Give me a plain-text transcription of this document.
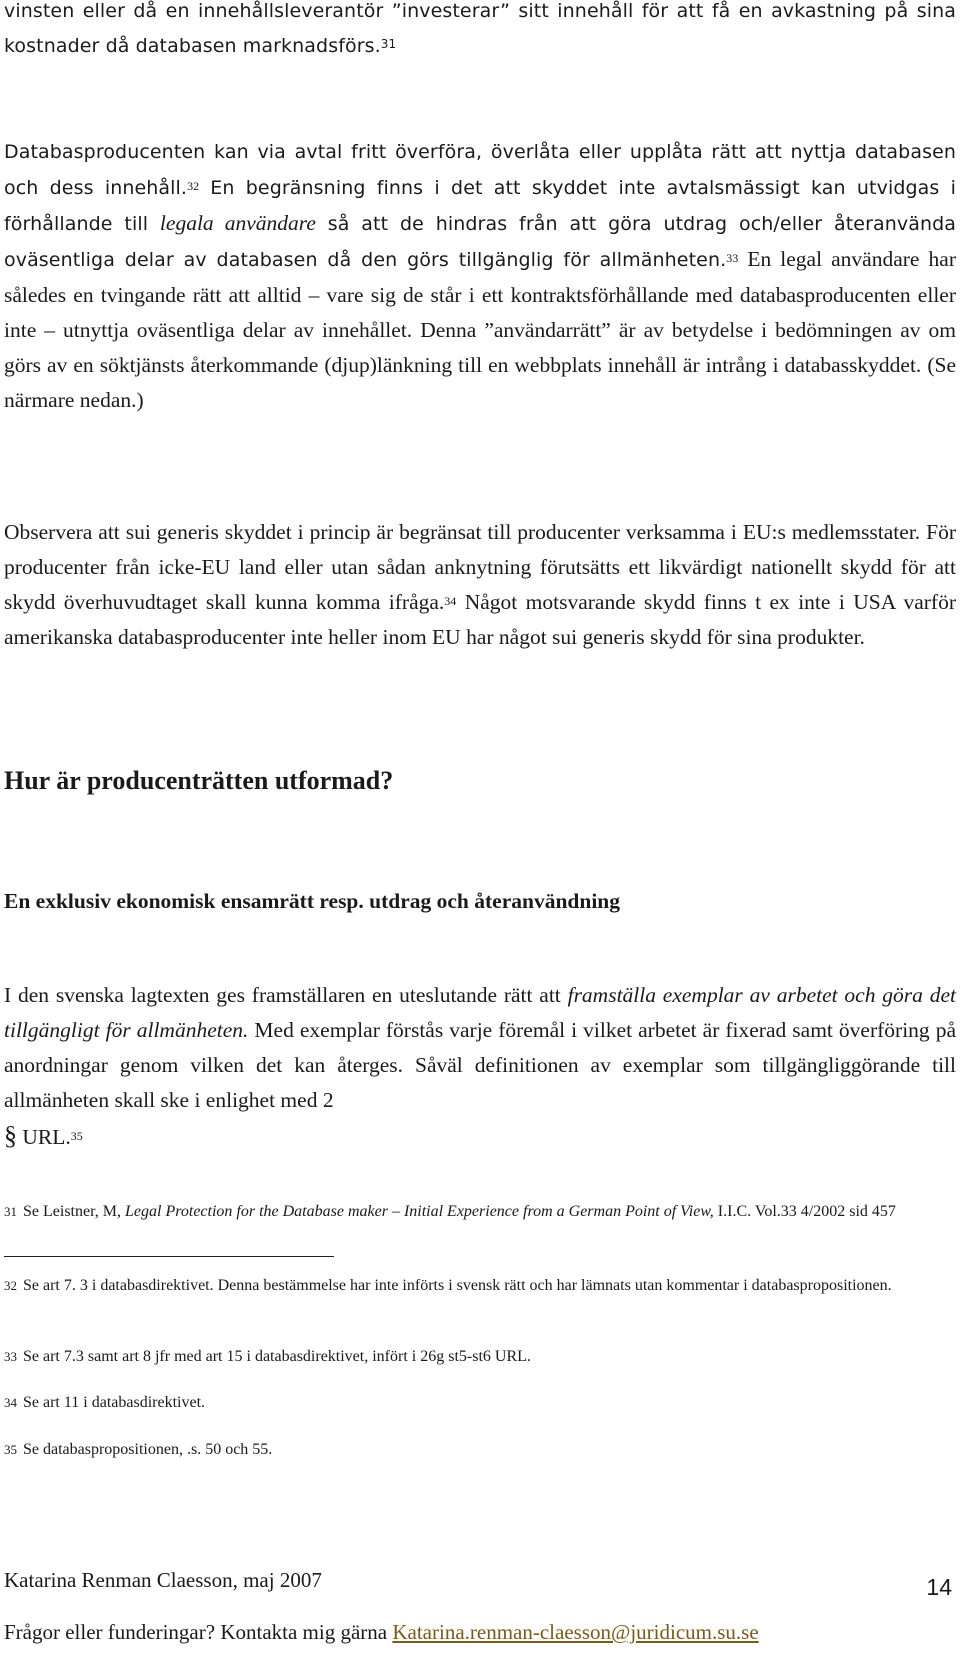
vinsten eller då en innehållsleverantör ”investerar” sitt innehåll för att få en avkastning på sina kostnader då databasen marknadsförs.$^{31}$

Databasproducenten kan via avtal fritt överföra, överlåta eller upplåta rätt att nyttja databasen och dess innehåll.$^{32}$ En begränsning finns i det att skyddet inte avtalsmässigt kan utvidgas i förhållande till legala användare så att de hindras från att göra utdrag och/eller återanvända oväsentliga delar av databasen då den görs tillgänglig för allmänheten.$^{33}$ En legal användare har således en tvingande rätt att alltid – vare sig de står i ett kontraktsförhållande med databasproducenten eller inte – utnyttja oväsentliga delar av innehållet. Denna ”användarrätt” är av betydelse i bedömningen av om görs av en söktjänsts återkommande (djup)länkning till en webbplats innehåll är intrång i databasskyddet. (Se närmare nedan.)

Observera att sui generis skyddet i princip är begränsat till producenter verksamma i EU:s medlemsstater. För producenter från icke-EU land eller utan sådan anknytning förutsätts ett likvärdigt nationellt skydd för att skydd överhuvudtaget skall kunna komma ifråga.$^{34}$ Något motsvarande skydd finns t ex inte i USA varför amerikanska databasproducenter inte heller inom EU har något sui generis skydd för sina produkter.

Hur är producenträtten utformad?
En exklusiv ekonomisk ensamrätt resp. utdrag och återanvändning

I den svenska lagtexten ges framställaren en uteslutande rätt att framställa exemplar av arbetet och göra det tillgängligt för allmänheten. Med exemplar förstås varje föremål i vilket arbetet är fixerad samt överföring på anordningar genom vilken det kan återges. Såväl definitionen av exemplar som tillgängliggörande till allmänheten skall ske i enlighet med 2
§ URL.$^{35}$

31 Se Leistner, M, Legal Protection for the Database maker – Initial Experience from a German Point of View, I.I.C. Vol.33 4/2002 sid 457

32 Se art 7. 3 i databasdirektivet. Denna bestämmelse har inte införts i svensk rätt och har lämnats utan kommentar i databaspropositionen.

33 Se art 7.3 samt art 8 jfr med art 15 i databasdirektivet, infört i 26g st5-st6 URL.

34 Se art 11 i databasdirektivet.

35 Se databaspropositionen, .s. 50 och 55.

Katarina Renman Claesson, maj 2007	14

Frågor eller funderingar? Kontakta mig gärna Katarina.renman-claesson@juridicum.su.se
